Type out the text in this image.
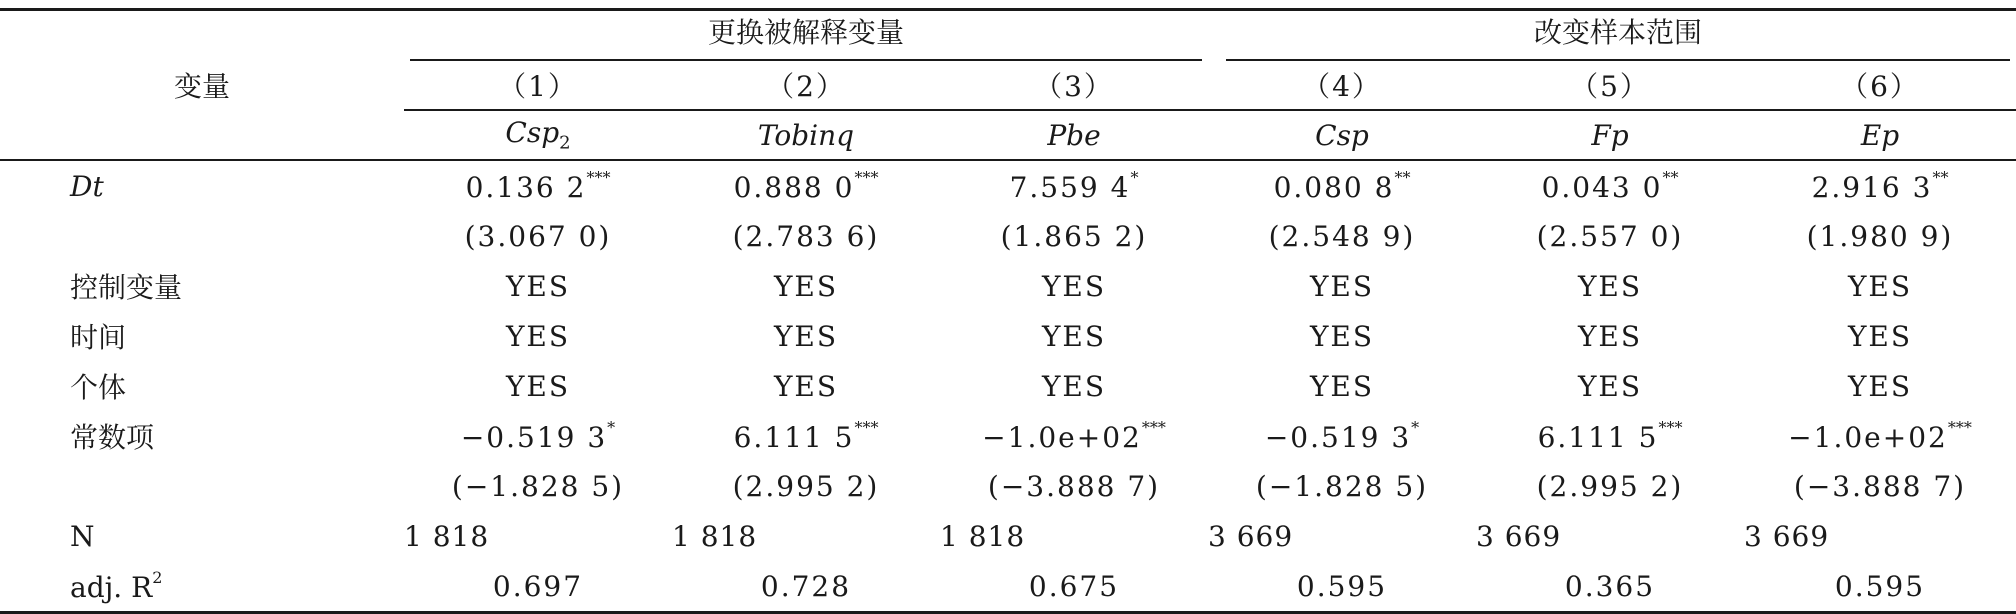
变量	更换被解释变量			改变样本范围		

	（1）	（2）	（3）	（4）	（5）	（6）
	Csp$_2$	Tobinq	Pbe	Csp	Fp	Ep
Dt	0.136 2***	0.888 0***	7.559 4*	0.080 8**	0.043 0**	2.916 3**
	(3.067 0)	(2.783 6)	(1.865 2)	(2.548 9)	(2.557 0)	(1.980 9)
控制变量	YES	YES	YES	YES	YES	YES
时间	YES	YES	YES	YES	YES	YES
个体	YES	YES	YES	YES	YES	YES
常数项	−0.519 3*	6.111 5***	−1.0e+02***	−0.519 3*	6.111 5***	−1.0e+02***
	(−1.828 5)	(2.995 2)	(−3.888 7)	(−1.828 5)	(2.995 2)	(−3.888 7)
N	1 818	1 818	1 818	3 669	3 669	3 669
adj. $R^2$	0.697	0.728	0.675	0.595	0.365	0.595
